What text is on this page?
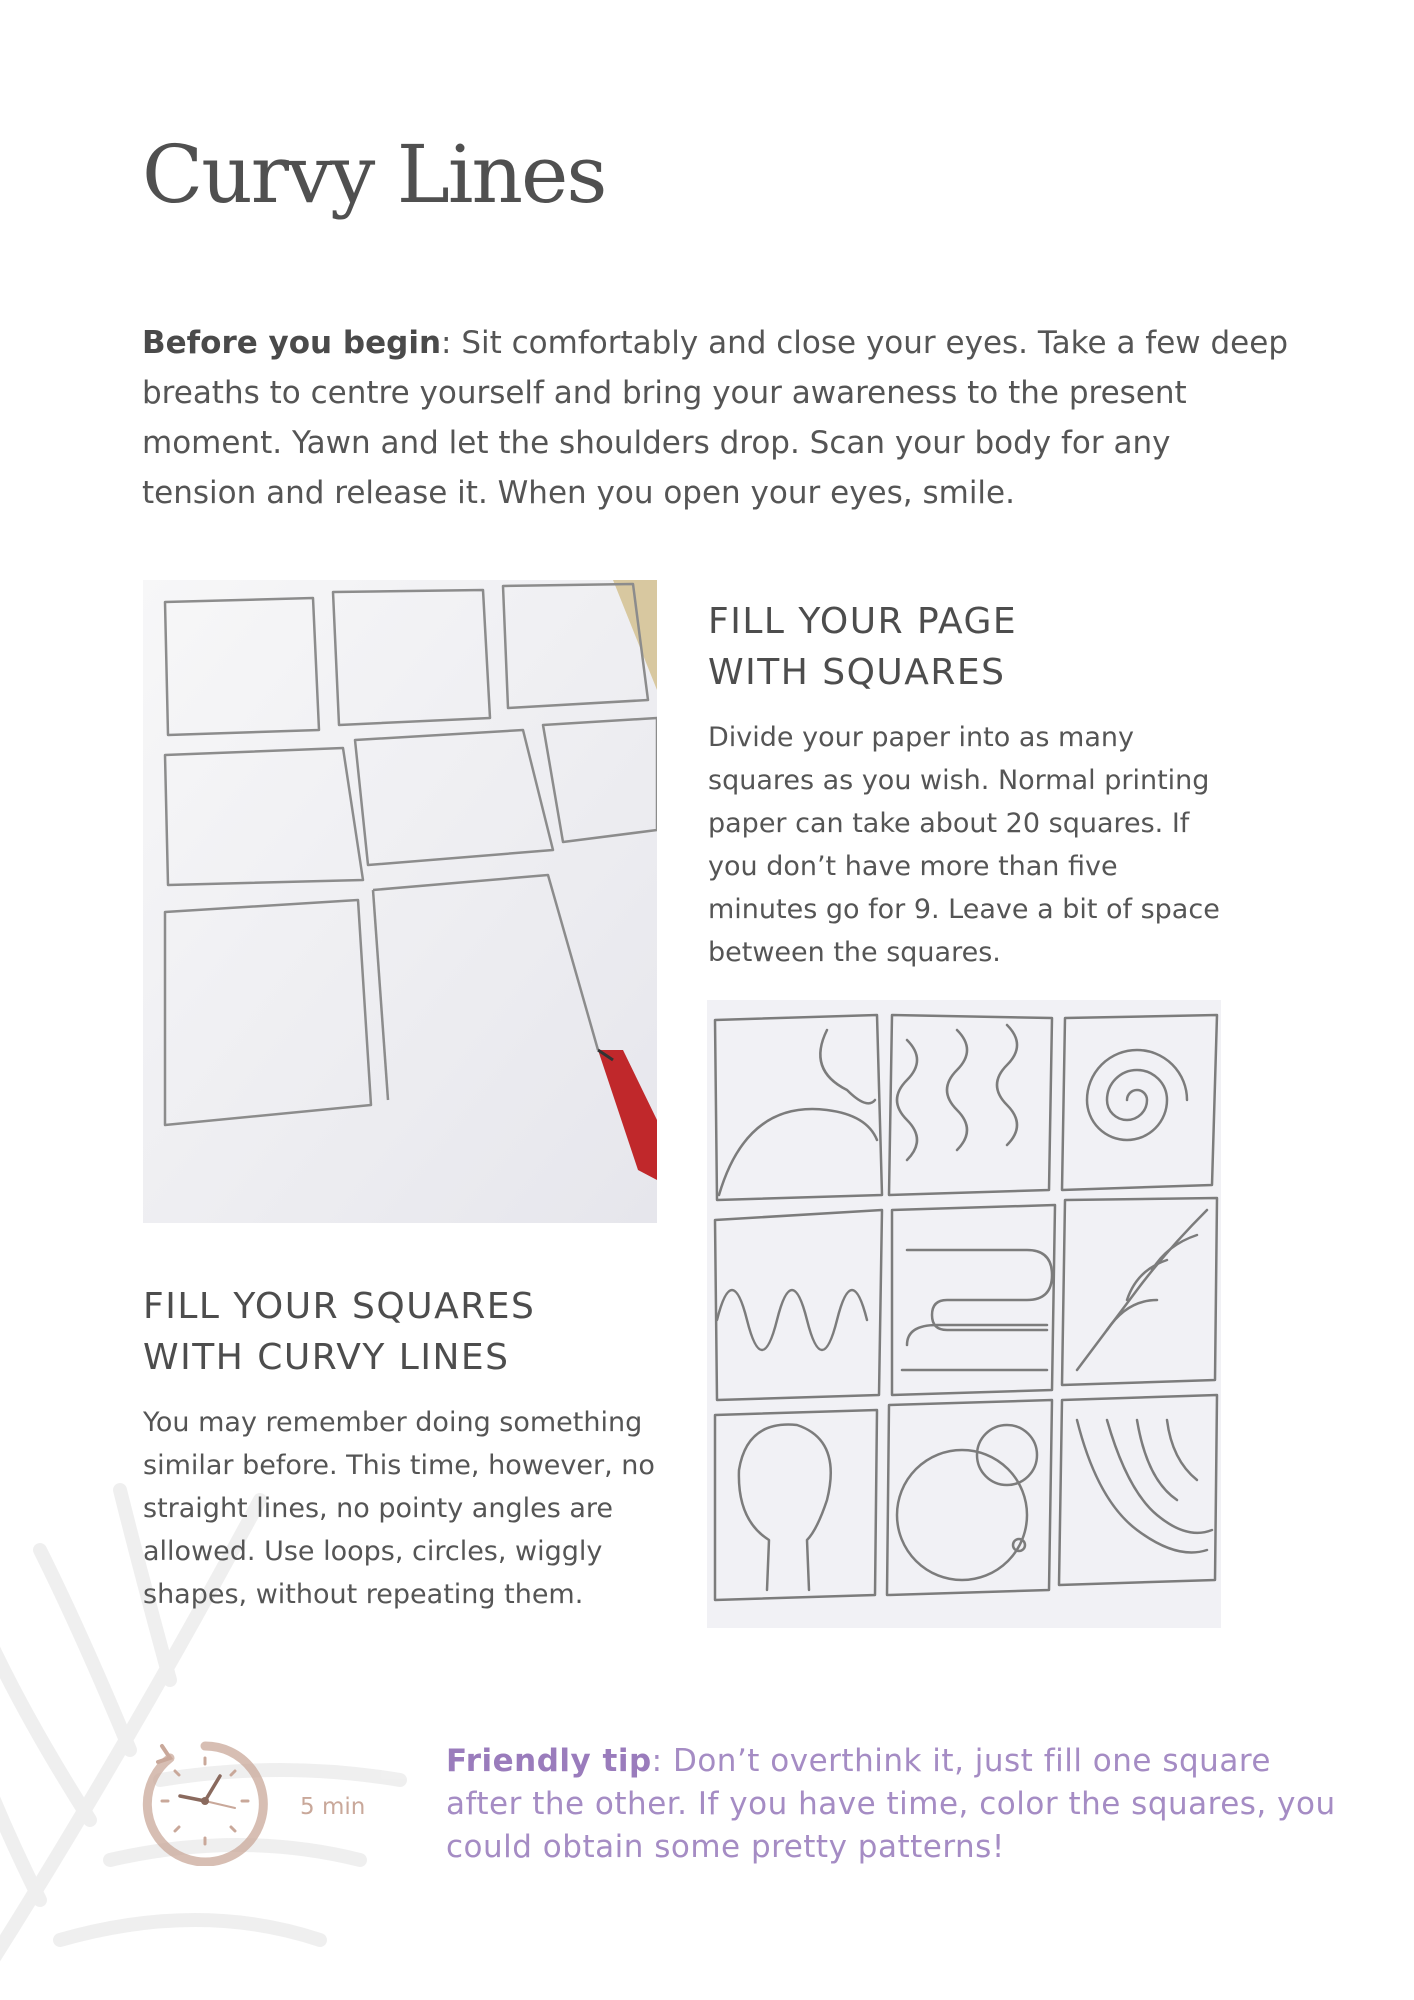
Curvy Lines

Before you begin: Sit comfortably and close your eyes. Take a few deep breaths to centre yourself and bring your awareness to the present moment. Yawn and let the shoulders drop. Scan your body for any tension and release it. When you open your eyes, smile.

FILL YOUR PAGE
WITH SQUARES

Divide your paper into as many squares as you wish. Normal printing paper can take about 20 squares. If you don’t have more than five minutes go for 9. Leave a bit of space between the squares.

FILL YOUR SQUARES
WITH CURVY LINES

You may remember doing something similar before. This time, however, no straight lines, no pointy angles are allowed. Use loops, circles, wiggly shapes, without repeating them.

5 min

Friendly tip: Don’t overthink it, just fill one square after the other. If you have time, color the squares, you could obtain some pretty patterns!
